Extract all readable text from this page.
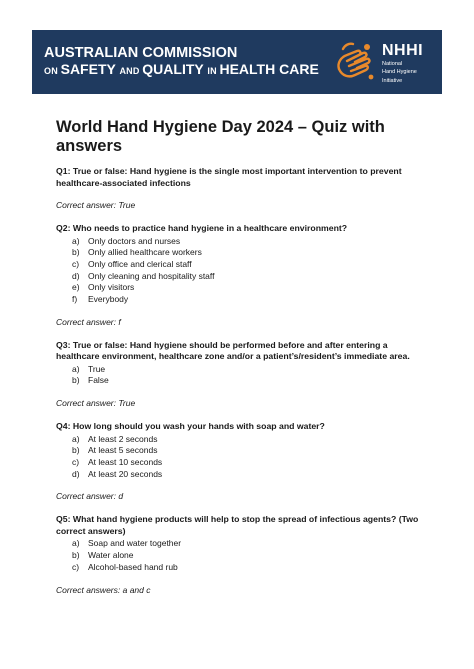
AUSTRALIAN COMMISSION
ON SAFETY AND QUALITY IN HEALTH CARE
NHHI
National
Hand Hygiene
Initiative
World Hand Hygiene Day 2024 – Quiz with answers

Q1: True or false: Hand hygiene is the single most important intervention to prevent healthcare-associated infections

Correct answer: True

Q2: Who needs to practice hand hygiene in a healthcare environment?

a) Only doctors and nurses
b) Only allied healthcare workers
c)	Only office and clerical staff
d) Only cleaning and hospitality staff
e) Only visitors
f)	Everybody

Correct answer: f

Q3: True or false: Hand hygiene should be performed before and after entering a healthcare environment, healthcare zone and/or a patient’s/resident’s immediate area.

a) True
b) False

Correct answer: True

Q4: How long should you wash your hands with soap and water?

a) At least 2 seconds
b) At least 5 seconds
c)	At least 10 seconds
d) At least 20 seconds

Correct answer: d

Q5: What hand hygiene products will help to stop the spread of infectious agents? (Two correct answers)

a) Soap and water together
b) Water alone
c)	Alcohol-based hand rub

Correct answers: a and c
